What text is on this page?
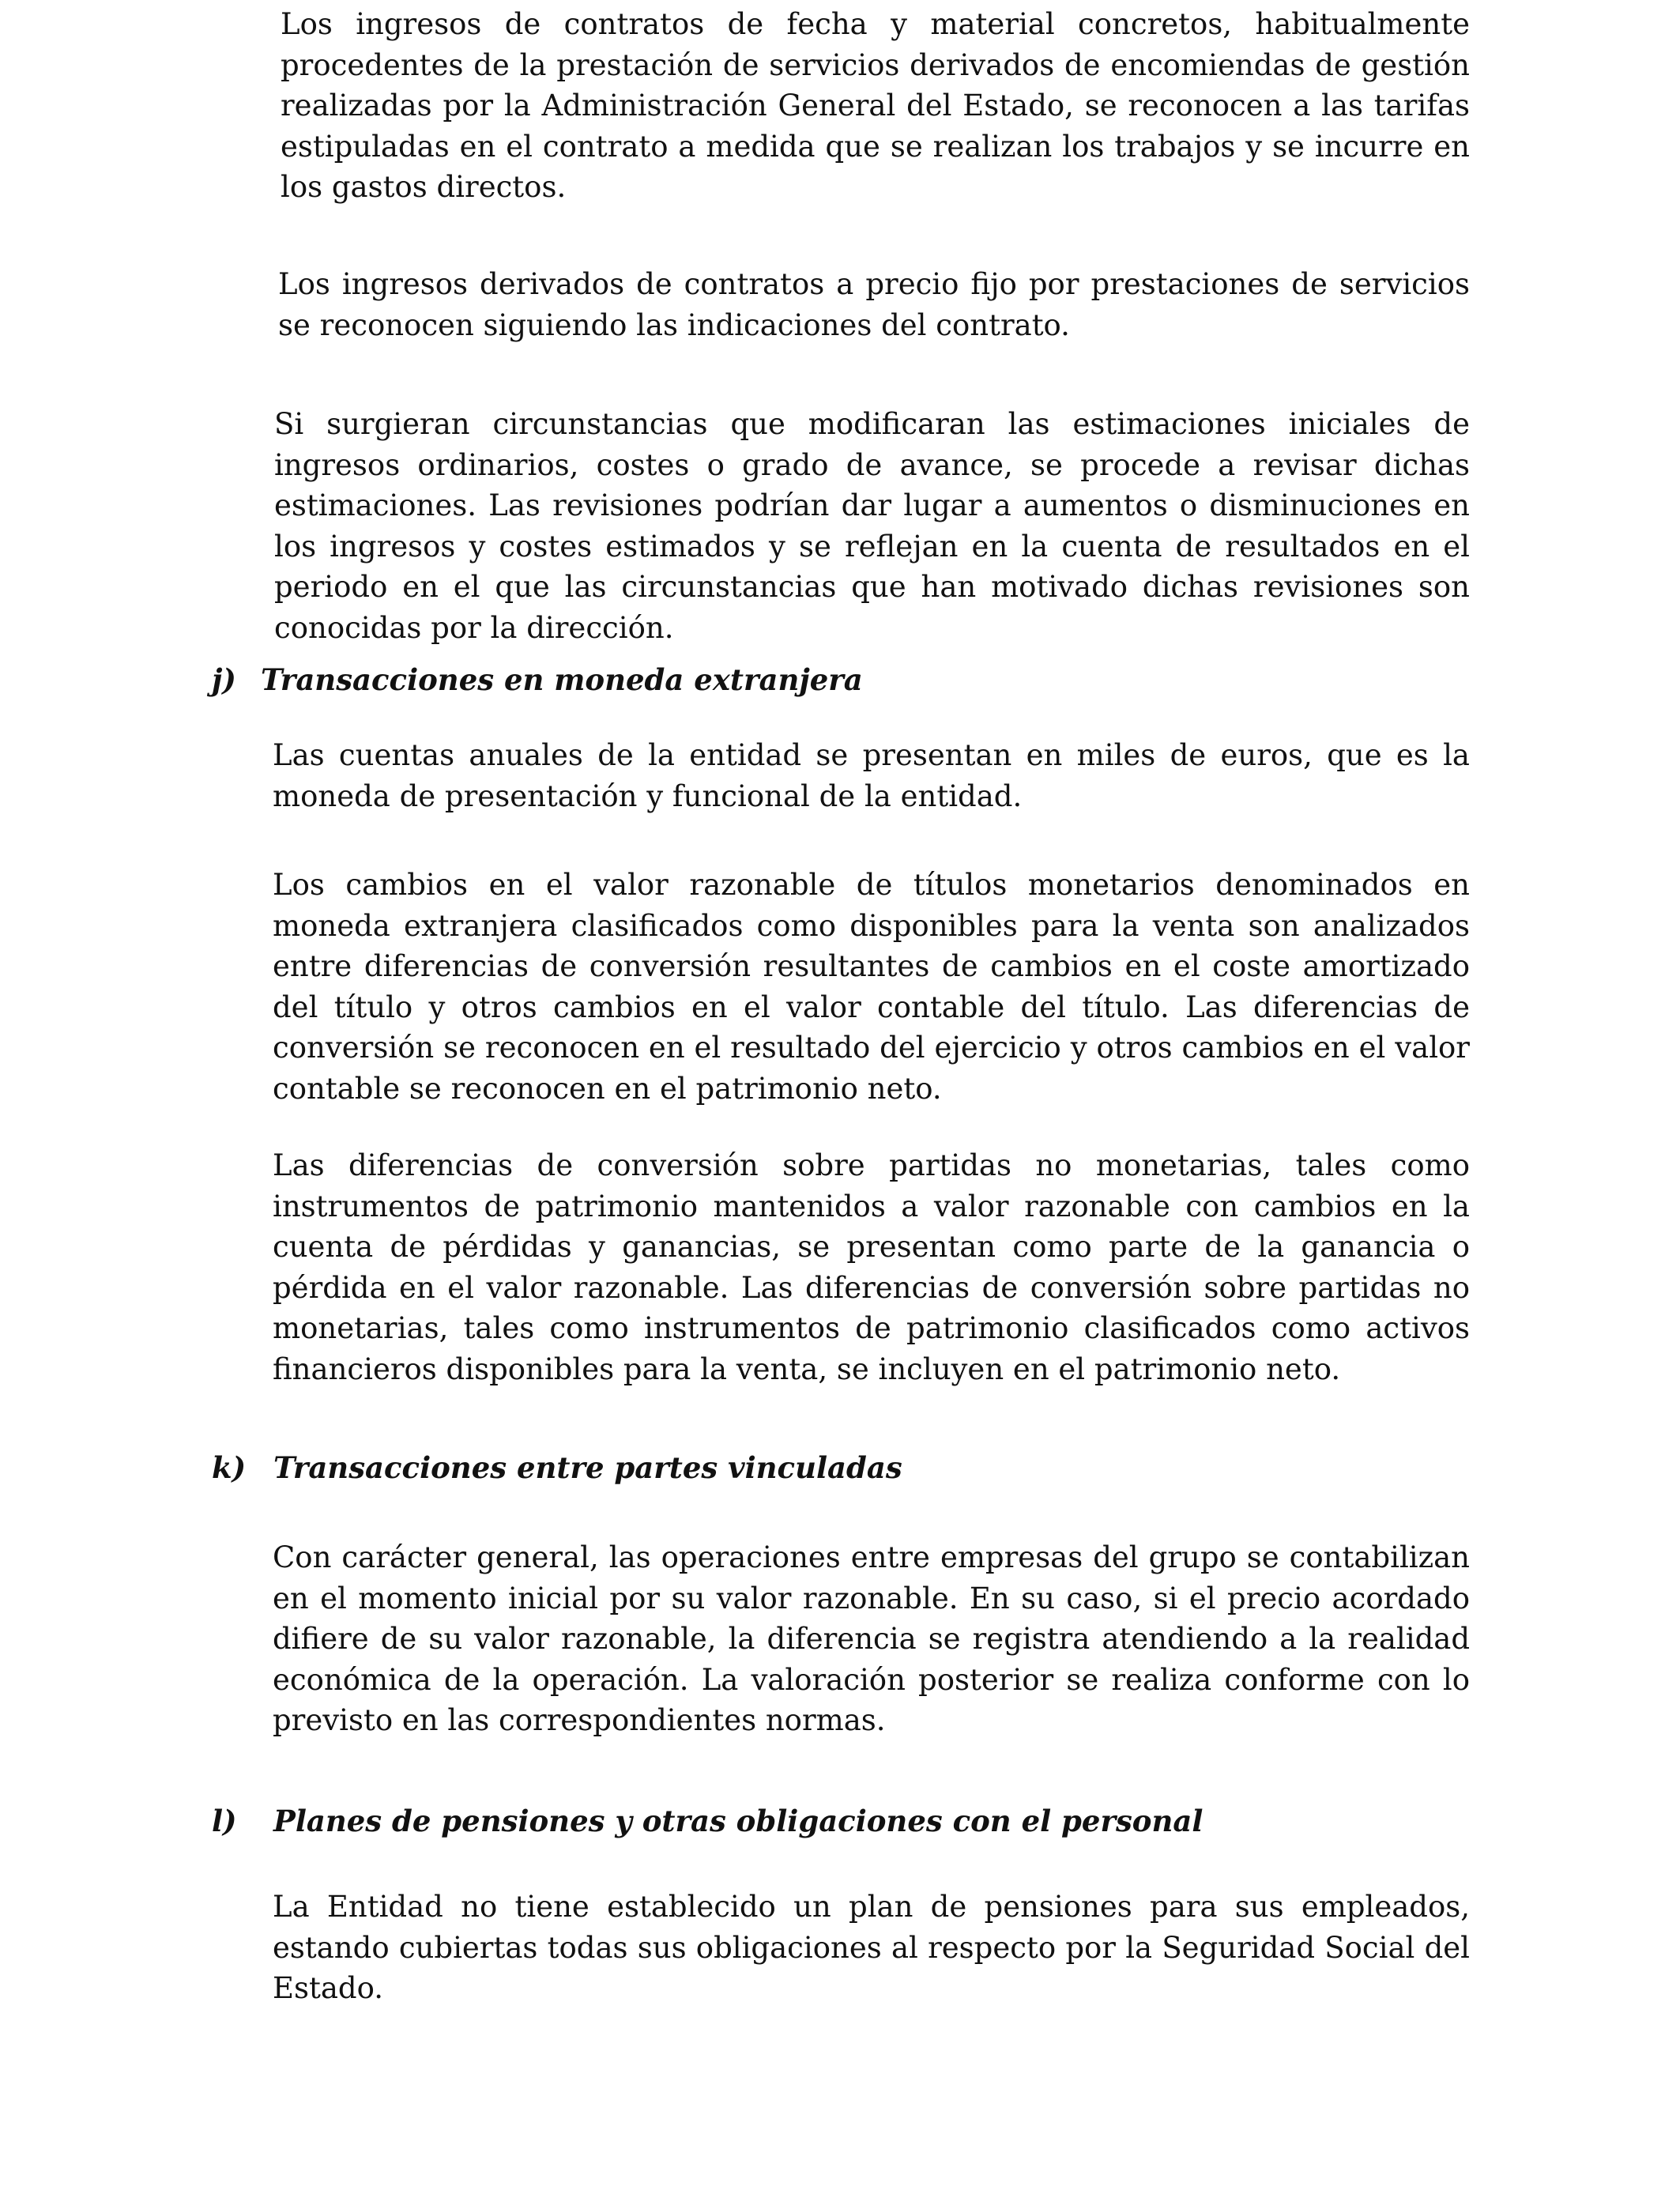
Los ingresos de contratos de fecha y material concretos, habitualmente procedentes de la prestación de servicios derivados de encomiendas de gestión realizadas por la Administración General del Estado, se reconocen a las tarifas estipuladas en el contrato a medida que se realizan los trabajos y se incurre en los gastos directos.

Los ingresos derivados de contratos a precio fijo por prestaciones de servicios se reconocen siguiendo las indicaciones del contrato.

Si surgieran circunstancias que modificaran las estimaciones iniciales de ingresos ordinarios, costes o grado de avance, se procede a revisar dichas estimaciones. Las revisiones podrían dar lugar a aumentos o disminuciones en los ingresos y costes estimados y se reflejan en la cuenta de resultados en el periodo en el que las circunstancias que han motivado dichas revisiones son conocidas por la dirección.

j) Transacciones en moneda extranjera

Las cuentas anuales de la entidad se presentan en miles de euros, que es la moneda de presentación y funcional de la entidad.

Los cambios en el valor razonable de títulos monetarios denominados en moneda extranjera clasificados como disponibles para la venta son analizados entre diferencias de conversión resultantes de cambios en el coste amortizado del título y otros cambios en el valor contable del título. Las diferencias de conversión se reconocen en el resultado del ejercicio y otros cambios en el valor contable se reconocen en el patrimonio neto.

Las diferencias de conversión sobre partidas no monetarias, tales como instrumentos de patrimonio mantenidos a valor razonable con cambios en la cuenta de pérdidas y ganancias, se presentan como parte de la ganancia o pérdida en el valor razonable. Las diferencias de conversión sobre partidas no monetarias, tales como instrumentos de patrimonio clasificados como activos financieros disponibles para la venta, se incluyen en el patrimonio neto.

k) Transacciones entre partes vinculadas

Con carácter general, las operaciones entre empresas del grupo se contabilizan en el momento inicial por su valor razonable. En su caso, si el precio acordado difiere de su valor razonable, la diferencia se registra atendiendo a la realidad económica de la operación. La valoración posterior se realiza conforme con lo previsto en las correspondientes normas.

l) Planes de pensiones y otras obligaciones con el personal

La Entidad no tiene establecido un plan de pensiones para sus empleados, estando cubiertas todas sus obligaciones al respecto por la Seguridad Social del Estado.
